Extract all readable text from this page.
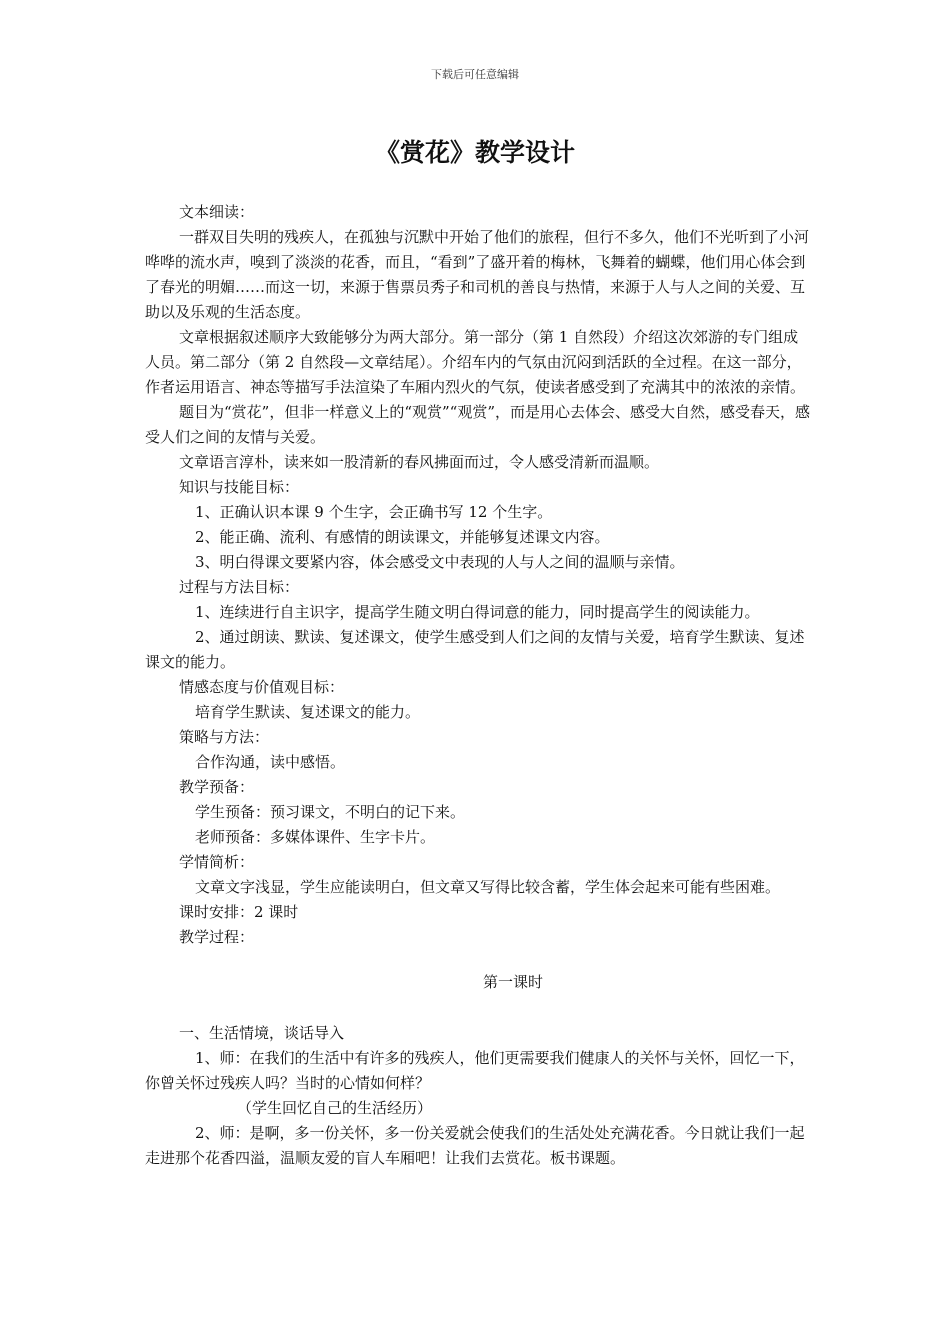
下载后可任意编辑
《赏花》教学设计

文本细读：

一群双目失明的残疾人，在孤独与沉默中开始了他们的旅程，但行不多久，他们不光听到了小河哗哗的流水声，嗅到了淡淡的花香，而且，“看到”了盛开着的梅林，飞舞着的蝴蝶，他们用心体会到了春光的明媚……而这一切，来源于售票员秀子和司机的善良与热情，来源于人与人之间的关爱、互助以及乐观的生活态度。

文章根据叙述顺序大致能够分为两大部分。第一部分（第 1 自然段）介绍这次郊游的专门组成人员。第二部分（第 2 自然段—文章结尾）。介绍车内的气氛由沉闷到活跃的全过程。在这一部分，作者运用语言、神态等描写手法渲染了车厢内烈火的气氛，使读者感受到了充满其中的浓浓的亲情。

题目为“赏花”，但非一样意义上的“观赏”“观赏”，而是用心去体会、感受大自然，感受春天，感受人们之间的友情与关爱。

文章语言淳朴，读来如一股清新的春风拂面而过，令人感受清新而温顺。

知识与技能目标：

1、正确认识本课 9 个生字，会正确书写 12 个生字。

2、能正确、流利、有感情的朗读课文，并能够复述课文内容。

3、明白得课文要紧内容，体会感受文中表现的人与人之间的温顺与亲情。

过程与方法目标：

1、连续进行自主识字，提高学生随文明白得词意的能力，同时提高学生的阅读能力。

2、通过朗读、默读、复述课文，使学生感受到人们之间的友情与关爱，培育学生默读、复述课文的能力。

情感态度与价值观目标：

培育学生默读、复述课文的能力。

策略与方法：

合作沟通，读中感悟。

教学预备：

学生预备：预习课文，不明白的记下来。

老师预备：多媒体课件、生字卡片。

学情简析：

文章文字浅显，学生应能读明白，但文章又写得比较含蓄，学生体会起来可能有些困难。

课时安排：2 课时

教学过程：

第一课时

一、生活情境，谈话导入

1、师：在我们的生活中有许多的残疾人，他们更需要我们健康人的关怀与关怀，回忆一下，你曾关怀过残疾人吗？当时的心情如何样？

（学生回忆自己的生活经历）

2、师：是啊，多一份关怀，多一份关爱就会使我们的生活处处充满花香。今日就让我们一起走进那个花香四溢，温顺友爱的盲人车厢吧！让我们去赏花。板书课题。
